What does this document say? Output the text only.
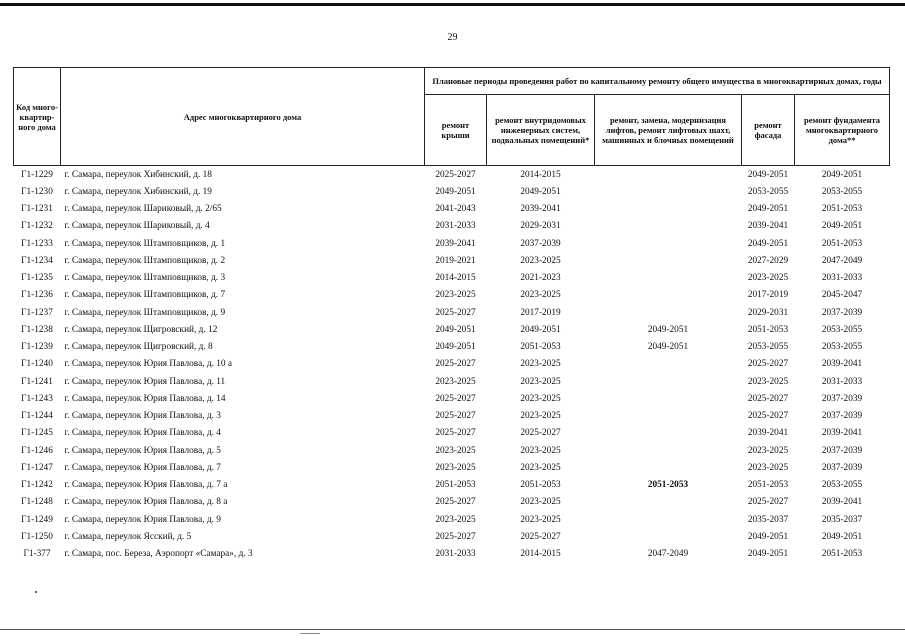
29
Код много-квартир-ного дома	Адрес многоквартирного дома	Плановые периоды проведения работ по капитальному ремонту общего имущества в многоквартирных домах, годы				
		ремонт крыши	ремонт внутридомовых инженерных систем, подвальных помещений*	ремонт, замена, модернизация лифтов, ремонт лифтовых шахт, машинных и блочных помещений	ремонт фасада	ремонт фундамента многоквартирного дома**
Г1-1229	г. Самара, переулок Хибинский, д. 18	2025-2027	2014-2015		2049-2051	2049-2051
Г1-1230	г. Самара, переулок Хибинский, д. 19	2049-2051	2049-2051		2053-2055	2053-2055
Г1-1231	г. Самара, переулок Шариковый, д. 2/65	2041-2043	2039-2041		2049-2051	2051-2053
Г1-1232	г. Самара, переулок Шариковый, д. 4	2031-2033	2029-2031		2039-2041	2049-2051
Г1-1233	г. Самара, переулок Штамповщиков, д. 1	2039-2041	2037-2039		2049-2051	2051-2053
Г1-1234	г. Самара, переулок Штамповщиков, д. 2	2019-2021	2023-2025		2027-2029	2047-2049
Г1-1235	г. Самара, переулок Штамповщиков, д. 3	2014-2015	2021-2023		2023-2025	2031-2033
Г1-1236	г. Самара, переулок Штамповщиков, д. 7	2023-2025	2023-2025		2017-2019	2045-2047
Г1-1237	г. Самара, переулок Штамповщиков, д. 9	2025-2027	2017-2019		2029-2031	2037-2039
Г1-1238	г. Самара, переулок Щигровский, д. 12	2049-2051	2049-2051	2049-2051	2051-2053	2053-2055
Г1-1239	г. Самара, переулок Щигровский, д. 8	2049-2051	2051-2053	2049-2051	2053-2055	2053-2055
Г1-1240	г. Самара, переулок Юрия Павлова, д. 10 а	2025-2027	2023-2025		2025-2027	2039-2041
Г1-1241	г. Самара, переулок Юрия Павлова, д. 11	2023-2025	2023-2025		2023-2025	2031-2033
Г1-1243	г. Самара, переулок Юрия Павлова, д. 14	2025-2027	2023-2025		2025-2027	2037-2039
Г1-1244	г. Самара, переулок Юрия Павлова, д. 3	2025-2027	2023-2025		2025-2027	2037-2039
Г1-1245	г. Самара, переулок Юрия Павлова, д. 4	2025-2027	2025-2027		2039-2041	2039-2041
Г1-1246	г. Самара, переулок Юрия Павлова, д. 5	2023-2025	2023-2025		2023-2025	2037-2039
Г1-1247	г. Самара, переулок Юрия Павлова, д. 7	2023-2025	2023-2025		2023-2025	2037-2039
Г1-1242	г. Самара, переулок Юрия Павлова, д. 7 а	2051-2053	2051-2053	2051-2053	2051-2053	2053-2055
Г1-1248	г. Самара, переулок Юрия Павлова, д. 8 а	2025-2027	2023-2025		2025-2027	2039-2041
Г1-1249	г. Самара, переулок Юрия Павлова, д. 9	2023-2025	2023-2025		2035-2037	2035-2037
Г1-1250	г. Самара, переулок Ясский, д. 5	2025-2027	2025-2027		2049-2051	2049-2051
Г1-377	г. Самара, пос. Береза, Аэропорт «Самара», д. 3	2031-2033	2014-2015	2047-2049	2049-2051	2051-2053
